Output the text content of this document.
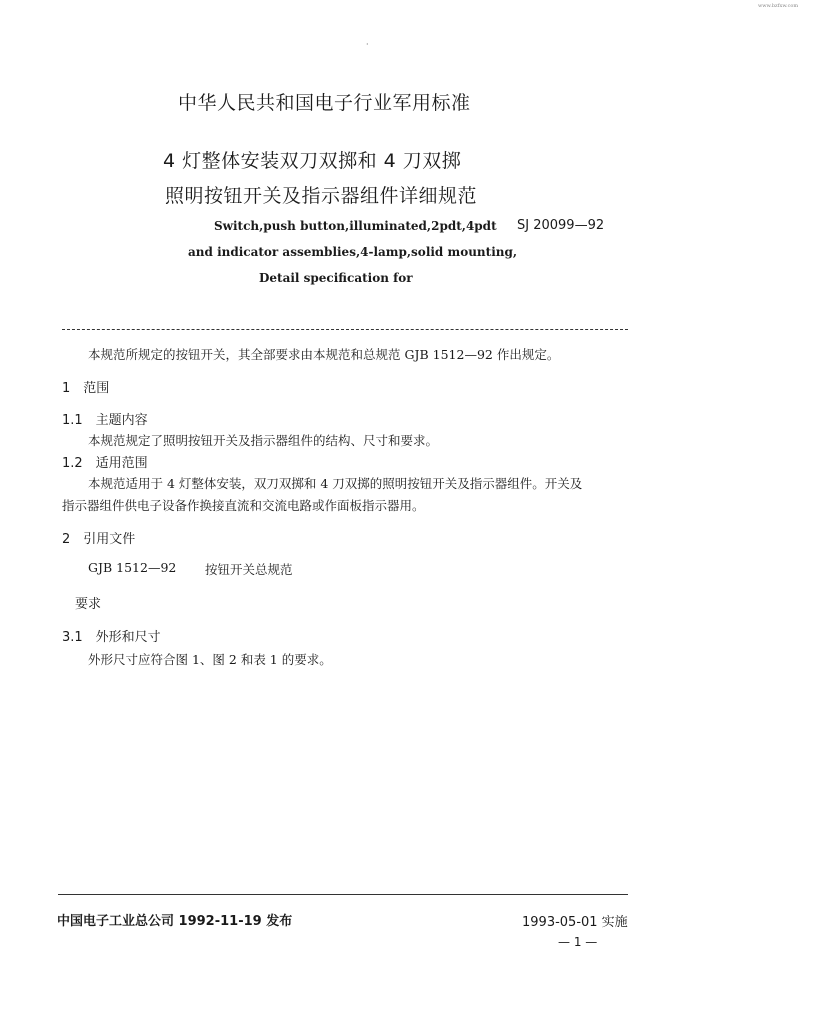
www.bzfxw.com
·
中华人民共和国电子行业军用标准
4 灯整体安装双刀双掷和 4 刀双掷
照明按钮开关及指示器组件详细规范
Switch,push button,illuminated,2pdt,4pdt
and indicator assemblies,4-lamp,solid mounting,
Detail specification for
SJ 20099—92
本规范所规定的按钮开关，其全部要求由本规范和总规范 GJB 1512—92 作出规定。
1　范围
1.1　主题内容
本规范规定了照明按钮开关及指示器组件的结构、尺寸和要求。
1.2　适用范围
本规范适用于 4 灯整体安装，双刀双掷和 4 刀双掷的照明按钮开关及指示器组件。开关及
指示器组件供电子设备作换接直流和交流电路或作面板指示器用。
2　引用文件
GJB 1512—92 按钮开关总规范
　要求
3.1　外形和尺寸
外形尺寸应符合图 1、图 2 和表 1 的要求。
中国电子工业总公司 1992-11-19 发布	1993-05-01 实施
— 1 —
